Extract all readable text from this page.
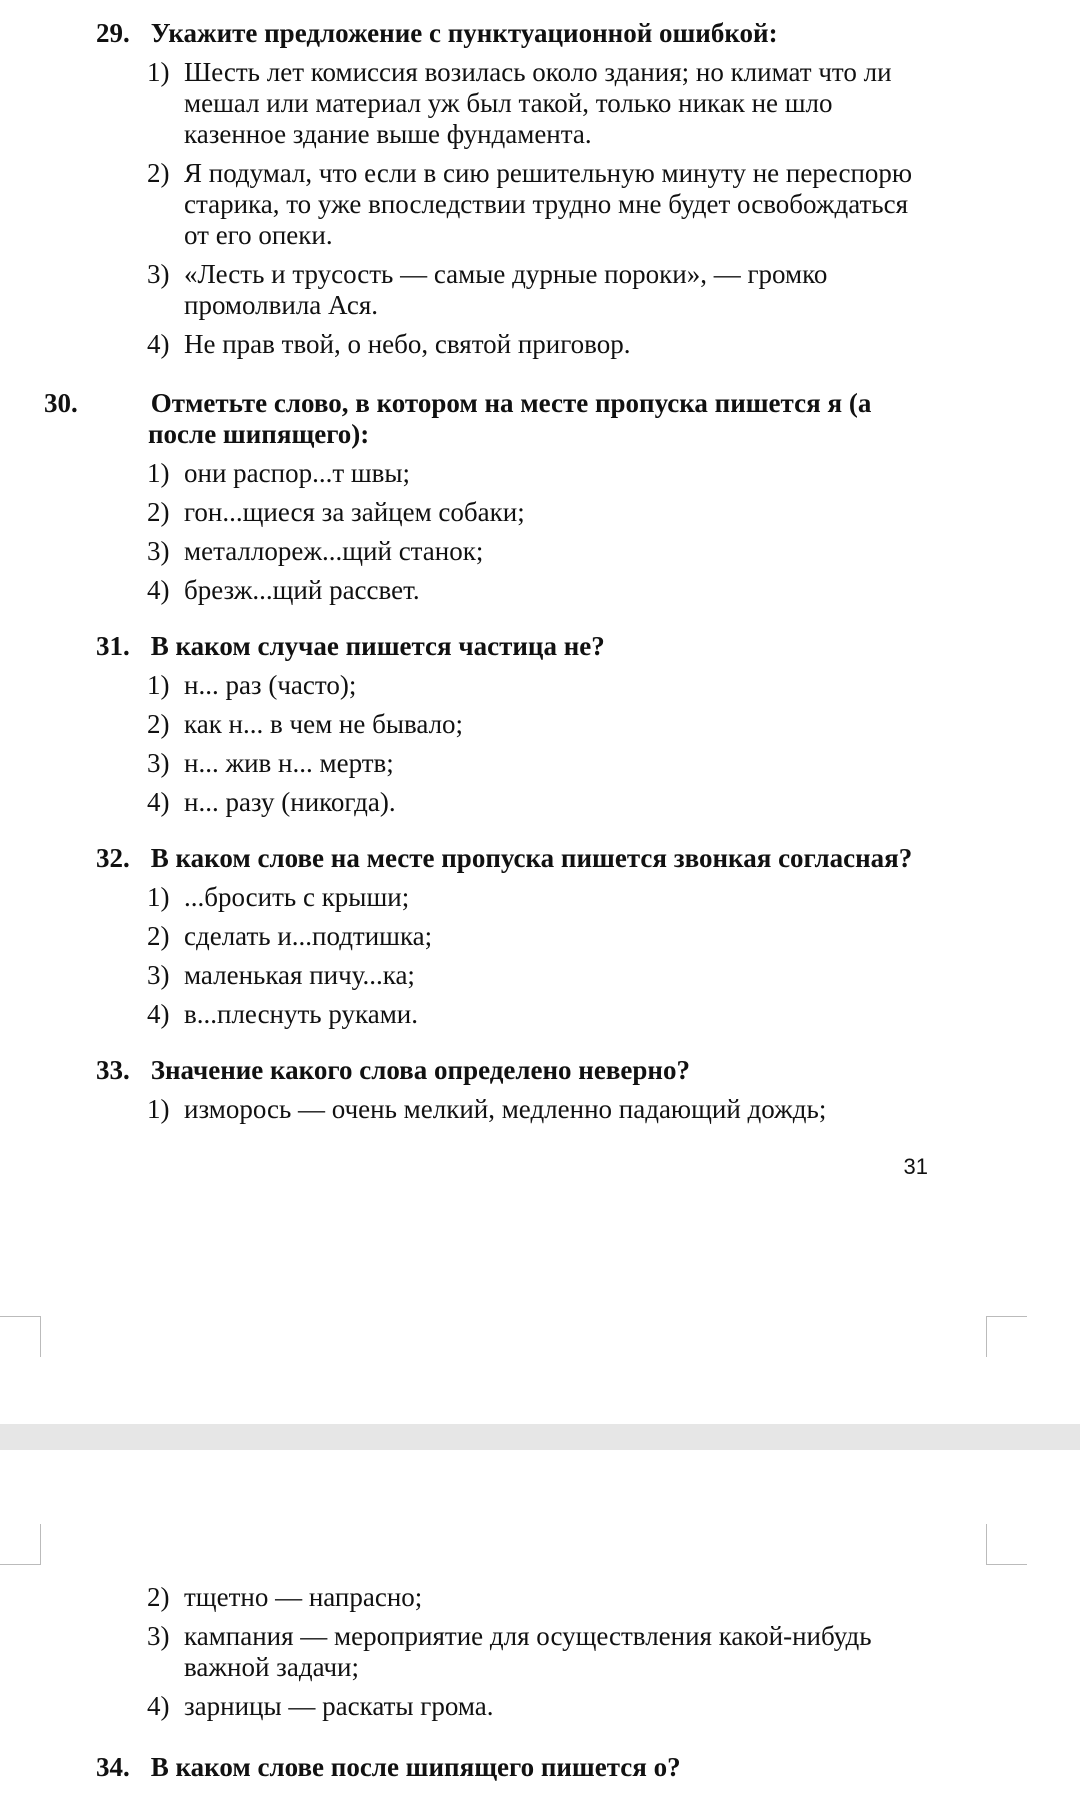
29. Укажите предложение с пунктуационной ошибкой:

1) Шесть лет комиссия возилась около здания; но климат что ли мешал или материал уж был такой, только никак не шло казенное здание выше фундамента.
2) Я подумал, что если в сию решительную минуту не переспорю старика, то уже впоследствии трудно мне будет освобождаться от его опеки.
3) «Лесть и трусость — самые дурные пороки», — громко промолвила Ася.
4) Не прав твой, о небо, святой приговор.

30.	Отметьте слово, в котором на месте пропуска пишется я (а после шипящего):

1) они распор...т швы;
2) гон...щиеся за зайцем собаки;
3) металлореж...щий станок;
4) брезж...щий рассвет.

31. В каком случае пишется частица не?

1) н... раз (часто);
2) как н... в чем не бывало;
3) н... жив н... мертв;
4) н... разу (никогда).

32. В каком слове на месте пропуска пишется звонкая согласная?

1) ...бросить с крыши;
2) сделать и...подтишка;
3) маленькая пичу...ка;
4) в...плеснуть руками.

33. Значение какого слова определено неверно?

1) изморось — очень мелкий, медленно падающий дождь;
31
2) тщетно — напрасно;
3) кампания — мероприятие для осуществления какой-нибудь важной задачи;
4) зарницы — раскаты грома.

34. В каком слове после шипящего пишется о?
